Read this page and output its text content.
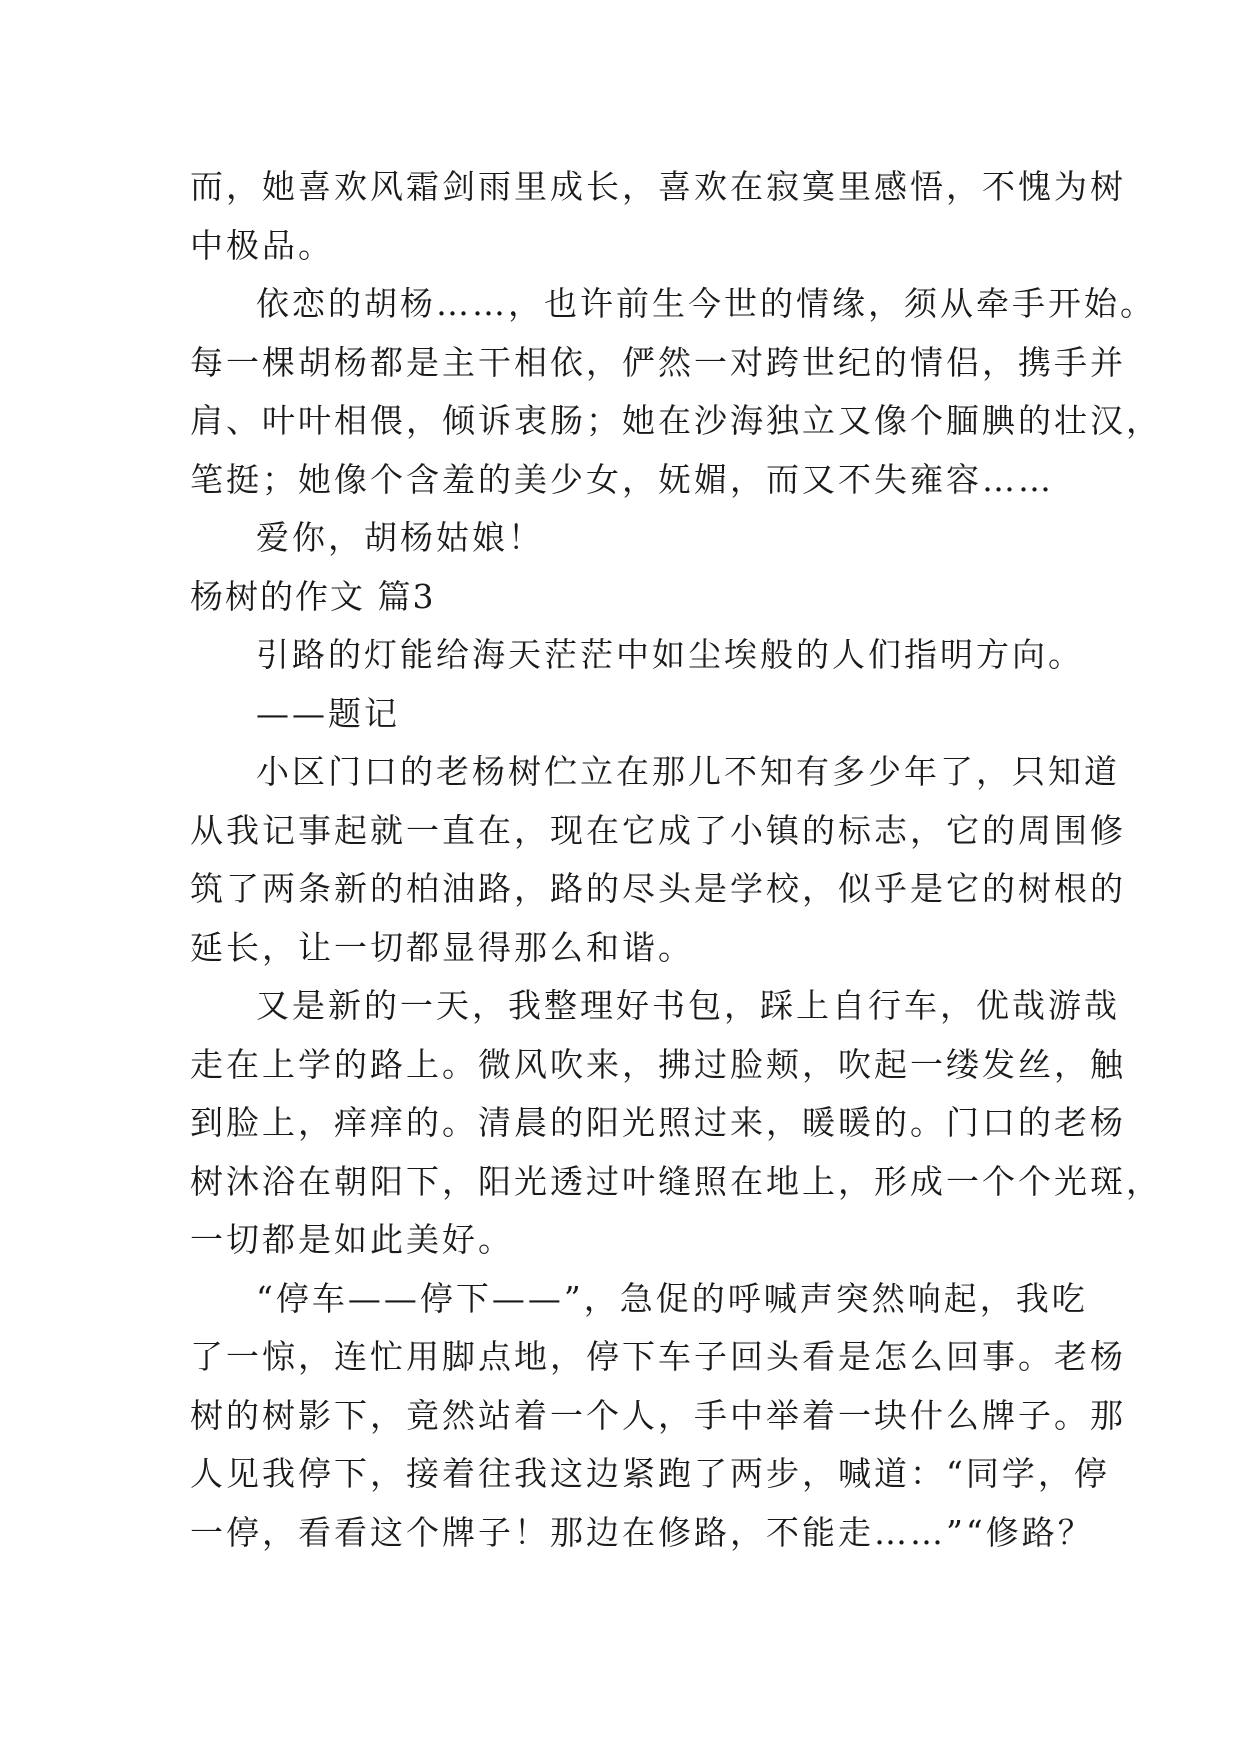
而，她喜欢风霜剑雨里成长，喜欢在寂寞里感悟，不愧为树
中极品。
依恋的胡杨……，也许前生今世的情缘，须从牵手开始。
每一棵胡杨都是主干相依，俨然一对跨世纪的情侣，携手并
肩、叶叶相偎，倾诉衷肠；她在沙海独立又像个腼腆的壮汉，
笔挺；她像个含羞的美少女，妩媚，而又不失雍容……
爱你，胡杨姑娘！
杨树的作文 篇3
引路的灯能给海天茫茫中如尘埃般的人们指明方向。
——题记
小区门口的老杨树伫立在那儿不知有多少年了，只知道
从我记事起就一直在，现在它成了小镇的标志，它的周围修
筑了两条新的柏油路，路的尽头是学校，似乎是它的树根的
延长，让一切都显得那么和谐。
又是新的一天，我整理好书包，踩上自行车，优哉游哉
走在上学的路上。微风吹来，拂过脸颊，吹起一缕发丝，触
到脸上，痒痒的。清晨的阳光照过来，暖暖的。门口的老杨
树沐浴在朝阳下，阳光透过叶缝照在地上，形成一个个光斑，
一切都是如此美好。
“停车——停下——”，急促的呼喊声突然响起，我吃
了一惊，连忙用脚点地，停下车子回头看是怎么回事。老杨
树的树影下，竟然站着一个人，手中举着一块什么牌子。那
人见我停下，接着往我这边紧跑了两步，喊道：“同学，停
一停，看看这个牌子！那边在修路，不能走……”“修路？
